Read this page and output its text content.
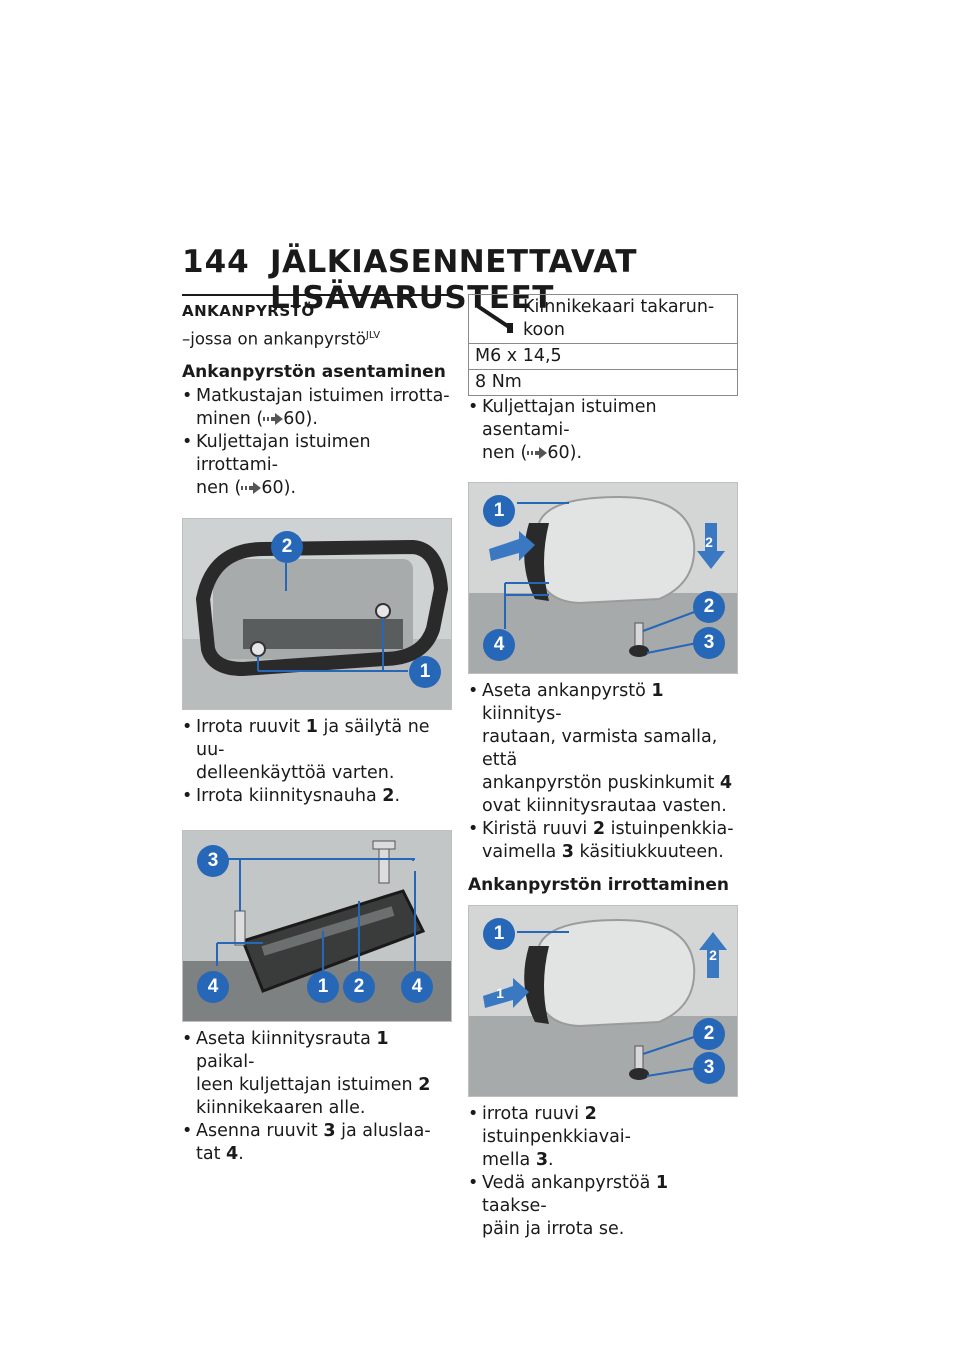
144 JÄLKIASENNETTAVAT LISÄVARUSTEET
ANKANPYRSTÖ
–jossa on ankanpyrstö$^{JLV}$
Ankanpyrstön asentaminen
• Matkustajan istuimen irrotta-
minen ( 60).
• Kuljettajan istuimen irrottami-
nen ( 60).
2
1
• Irrota ruuvit 1 ja säilytä ne uu-
delleenkäyttöä varten.
• Irrota kiinnitysnauha 2.
3
4	1	2	4
• Aseta kiinnitysrauta 1 paikal-
leen kuljettajan istuimen 2
kiinnikekaaren alle.
• Asenna ruuvit 3 ja aluslaa-
tat 4.
Kiinnikekaari takarun-
koon
M6 x 14,5
8 Nm
• Kuljettajan istuimen asentami-
nen ( 60).
1
2
2
4	3
• Aseta ankanpyrstö 1 kiinnitys-
rautaan, varmista samalla, että
ankanpyrstön puskinkumit 4
ovat kiinnitysrautaa vasten.
• Kiristä ruuvi 2 istuinpenkkia-
vaimella 3 käsitiukkuuteen.
Ankanpyrstön irrottaminen
1
1
2
2
3
• irrota ruuvi 2 istuinpenkkiavai-
mella 3.
• Vedä ankanpyrstöä 1 taakse-
päin ja irrota se.
